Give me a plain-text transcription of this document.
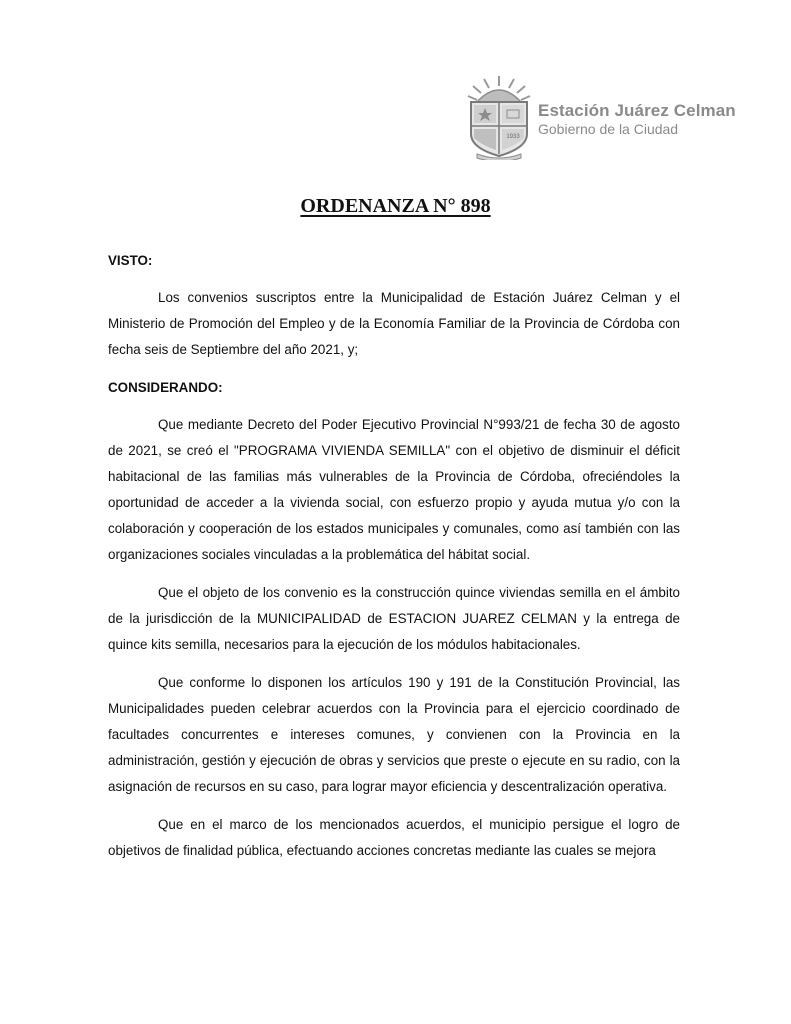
1933
Estación Juárez Celman
Gobierno de la Ciudad
ORDENANZA N° 898

VISTO:

Los convenios suscriptos entre la Municipalidad de Estación Juárez Celman y el Ministerio de Promoción del Empleo y de la Economía Familiar de la Provincia de Córdoba con fecha seis de Septiembre del año 2021, y;

CONSIDERANDO:

Que mediante Decreto del Poder Ejecutivo Provincial N°993/21 de fecha 30 de agosto de 2021, se creó el "PROGRAMA VIVIENDA SEMILLA" con el objetivo de disminuir el déficit habitacional de las familias más vulnerables de la Provincia de Córdoba, ofreciéndoles la oportunidad de acceder a la vivienda social, con esfuerzo propio y ayuda mutua y/o con la colaboración y cooperación de los estados municipales y comunales, como así también con las organizaciones sociales vinculadas a la problemática del hábitat social.

Que el objeto de los convenio es la construcción quince viviendas semilla en el ámbito de la jurisdicción de la MUNICIPALIDAD de ESTACION JUAREZ CELMAN y la entrega de quince kits semilla, necesarios para la ejecución de los módulos habitacionales.

Que conforme lo disponen los artículos 190 y 191 de la Constitución Provincial, las Municipalidades pueden celebrar acuerdos con la Provincia para el ejercicio coordinado de facultades concurrentes e intereses comunes, y convienen con la Provincia en la administración, gestión y ejecución de obras y servicios que preste o ejecute en su radio, con la asignación de recursos en su caso, para lograr mayor eficiencia y descentralización operativa.

Que en el marco de los mencionados acuerdos, el municipio persigue el logro de objetivos de finalidad pública, efectuando acciones concretas mediante las cuales se mejora
